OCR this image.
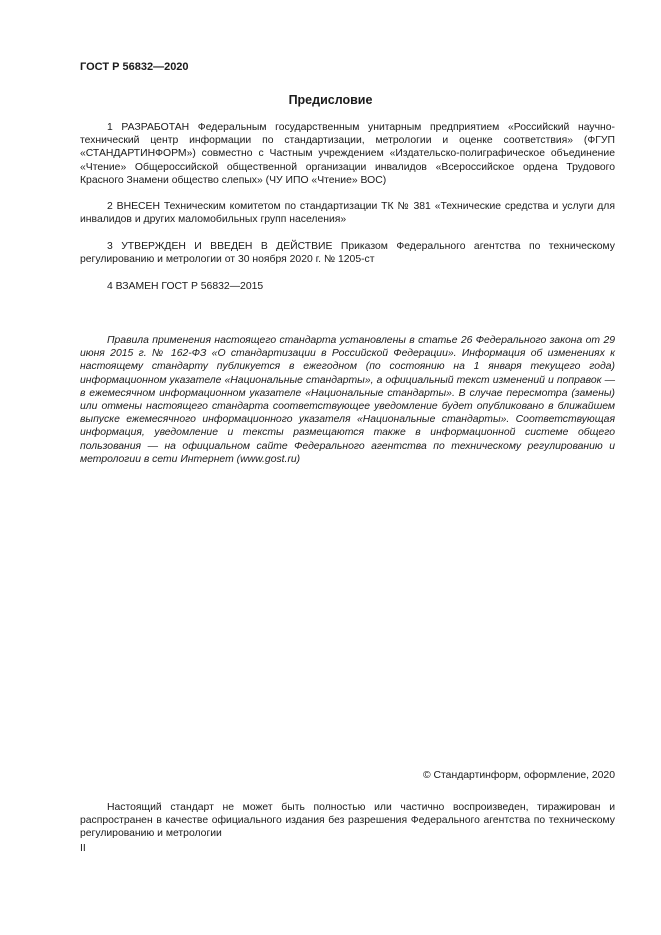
ГОСТ Р 56832—2020

Предисловие

1 РАЗРАБОТАН Федеральным государственным унитарным предприятием «Российский научно-технический центр информации по стандартизации, метрологии и оценке соответствия» (ФГУП «СТАНДАРТИНФОРМ») совместно с Частным учреждением «Издательско-полиграфическое объединение «Чтение» Общероссийской общественной организации инвалидов «Всероссийское ордена Трудового Красного Знамени общество слепых» (ЧУ ИПО «Чтение» ВОС)

2 ВНЕСЕН Техническим комитетом по стандартизации ТК № 381 «Технические средства и услуги для инвалидов и других маломобильных групп населения»

3 УТВЕРЖДЕН И ВВЕДЕН В ДЕЙСТВИЕ Приказом Федерального агентства по техническому регулированию и метрологии от 30 ноября 2020 г. № 1205-ст

4 ВЗАМЕН ГОСТ Р 56832—2015

Правила применения настоящего стандарта установлены в статье 26 Федерального закона от 29 июня 2015 г. № 162-ФЗ «О стандартизации в Российской Федерации». Информация об изменениях к настоящему стандарту публикуется в ежегодном (по состоянию на 1 января текущего года) информационном указателе «Национальные стандарты», а официальный текст изменений и поправок — в ежемесячном информационном указателе «Национальные стандарты». В случае пересмотра (замены) или отмены настоящего стандарта соответствующее уведомление будет опубликовано в ближайшем выпуске ежемесячного информационного указателя «Национальные стандарты». Соответствующая информация, уведомление и тексты размещаются также в информационной системе общего пользования — на официальном сайте Федерального агентства по техническому регулированию и метрологии в сети Интернет (www.gost.ru)

© Стандартинформ, оформление, 2020

Настоящий стандарт не может быть полностью или частично воспроизведен, тиражирован и распространен в качестве официального издания без разрешения Федерального агентства по техническому регулированию и метрологии

II
